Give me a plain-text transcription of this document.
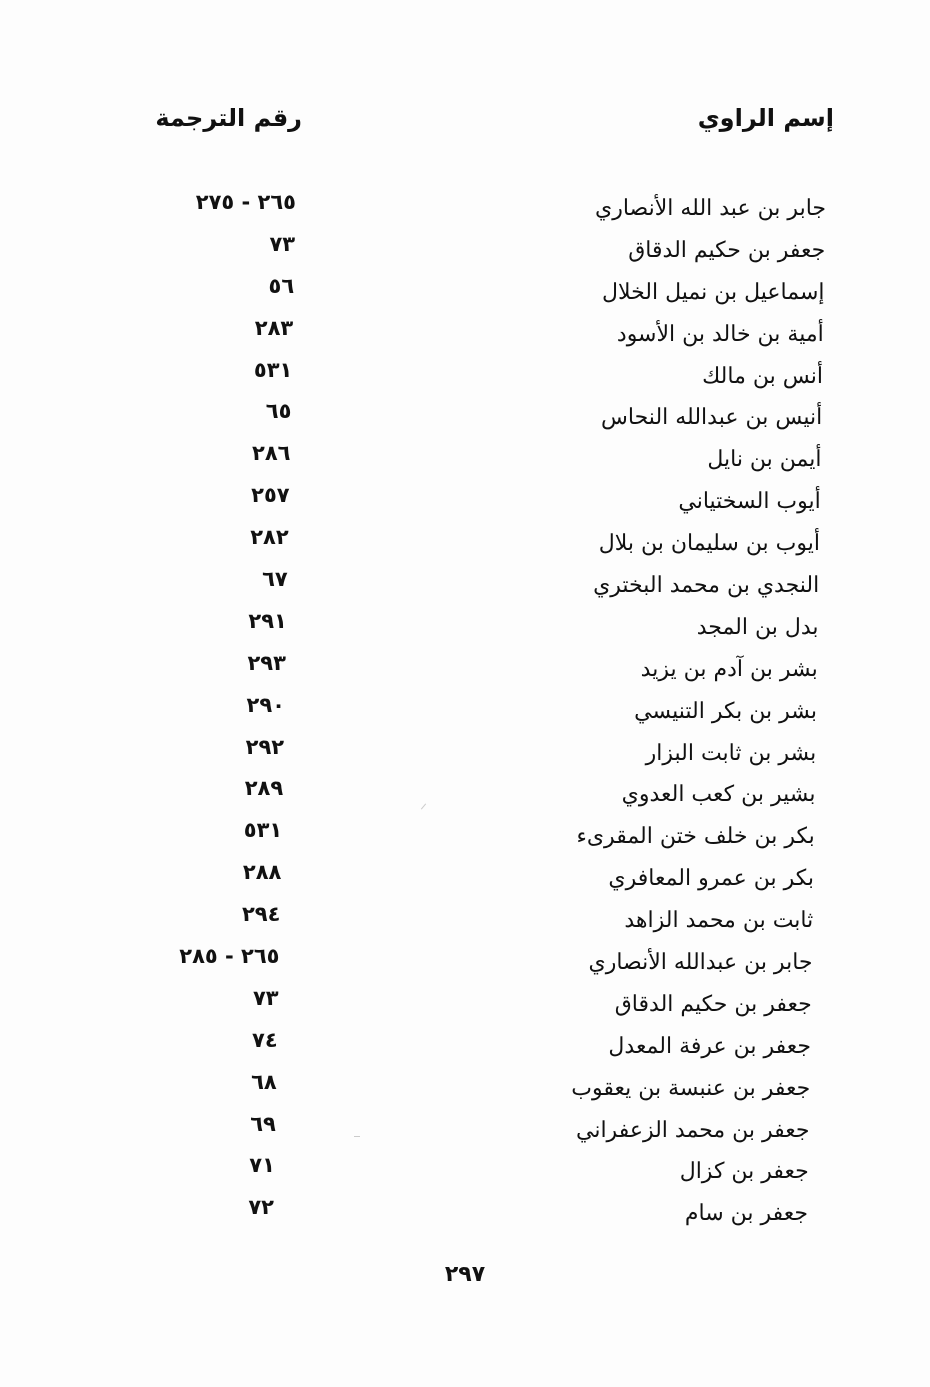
إسم الراوي
رقم الترجمة
جابر بن عبد الله الأنصاري
٢٦٥ - ٢٧٥
جعفر بن حكيم الدقاق
٧٣
إسماعيل بن نميل الخلال
٥٦
أمية بن خالد بن الأسود
٢٨٣
أنس بن مالك
٥٣١
أنيس بن عبدالله النحاس
٦٥
أيمن بن نايل
٢٨٦
أيوب السختياني
٢٥٧
أيوب بن سليمان بن بلال
٢٨٢
النجدي بن محمد البختري
٦٧
بدل بن المجد
٢٩١
بشر بن آدم بن يزيد
٢٩٣
بشر بن بكر التنيسي
٢٩٠
بشر بن ثابت البزار
٢٩٢
بشير بن كعب العدوي
٢٨٩
بكر بن خلف ختن المقرىء
٥٣١
بكر بن عمرو المعافري
٢٨٨
ثابت بن محمد الزاهد
٢٩٤
جابر بن عبدالله الأنصاري
٢٦٥ - ٢٨٥
جعفر بن حكيم الدقاق
٧٣
جعفر بن عرفة المعدل
٧٤
جعفر بن عنبسة بن يعقوب
٦٨
جعفر بن محمد الزعفراني
٦٩
جعفر بن كزال
٧١
جعفر بن سام
٧٢
٢٩٧
